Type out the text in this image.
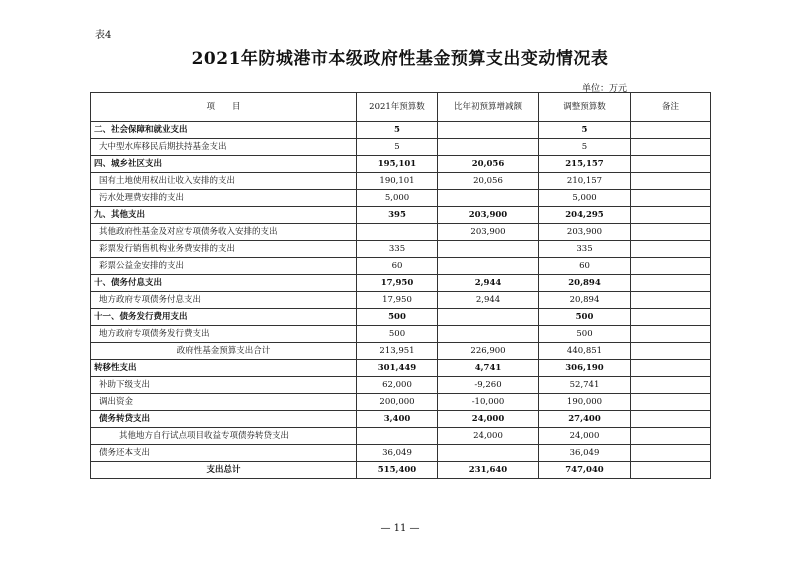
表4
2021年防城港市本级政府性基金预算支出变动情况表
单位：万元
项　　目	2021年预算数	比年初预算增减额	调整预算数	备注
二、社会保障和就业支出	5		5	
大中型水库移民后期扶持基金支出	5		5	
四、城乡社区支出	195,101	20,056	215,157	
国有土地使用权出让收入安排的支出	190,101	20,056	210,157	
污水处理费安排的支出	5,000		5,000	
九、其他支出	395	203,900	204,295	
其他政府性基金及对应专项债务收入安排的支出		203,900	203,900	
彩票发行销售机构业务费安排的支出	335		335	
彩票公益金安排的支出	60		60	
十、债务付息支出	17,950	2,944	20,894	
地方政府专项债务付息支出	17,950	2,944	20,894	
十一、债务发行费用支出	500		500	
地方政府专项债务发行费支出	500		500	
政府性基金预算支出合计	213,951	226,900	440,851	
转移性支出	301,449	4,741	306,190	
补助下级支出	62,000	-9,260	52,741	
调出资金	200,000	-10,000	190,000	
债务转贷支出	3,400	24,000	27,400	
其他地方自行试点项目收益专项债券转贷支出		24,000	24,000	
债务还本支出	36,049		36,049	
支出总计	515,400	231,640	747,040	
— 11 —
